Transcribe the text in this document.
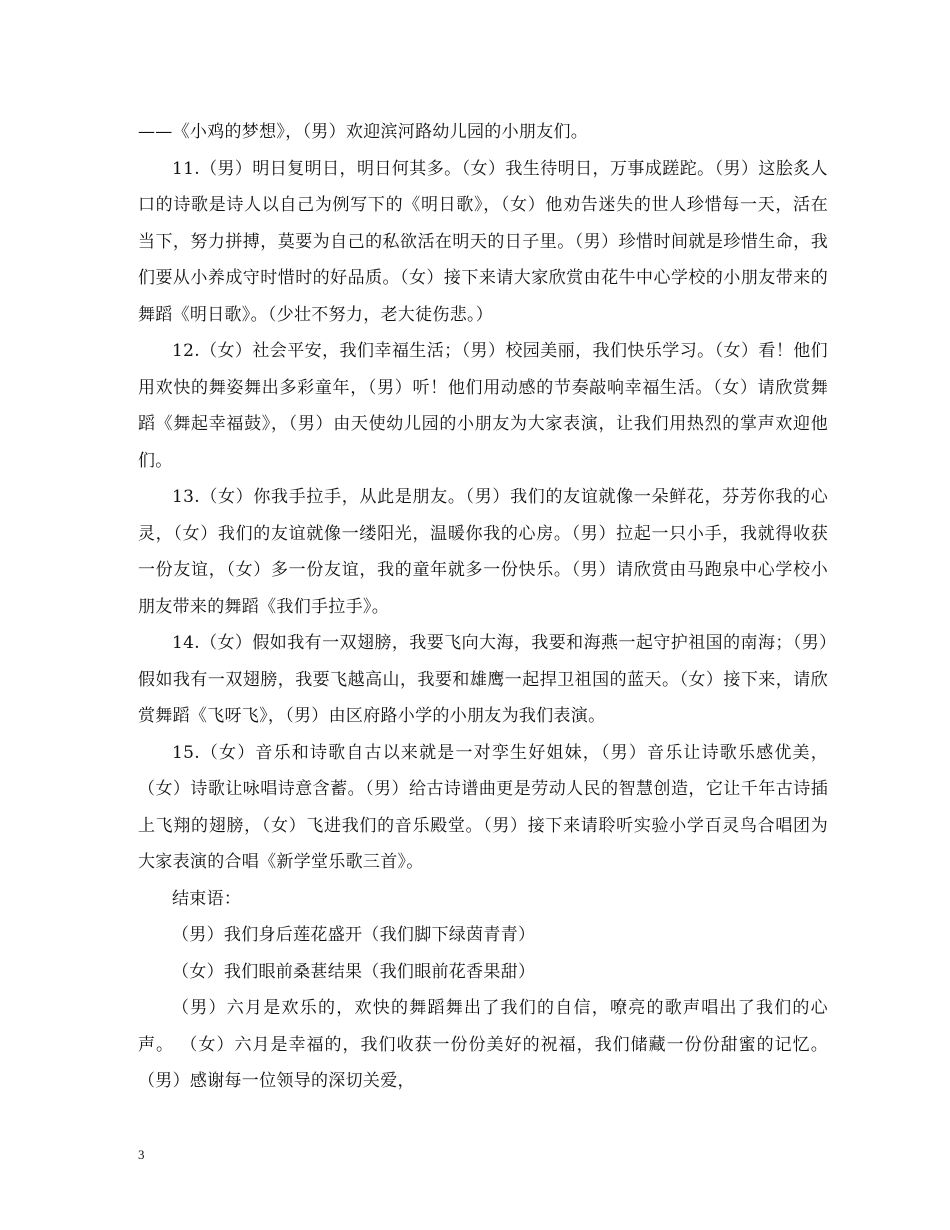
——《小鸡的梦想》，（男）欢迎滨河路幼儿园的小朋友们。

11.（男）明日复明日，明日何其多。（女）我生待明日，万事成蹉跎。（男）这脍炙人口的诗歌是诗人以自己为例写下的《明日歌》，（女）他劝告迷失的世人珍惜每一天，活在当下，努力拼搏，莫要为自己的私欲活在明天的日子里。（男）珍惜时间就是珍惜生命，我们要从小养成守时惜时的好品质。（女）接下来请大家欣赏由花牛中心学校的小朋友带来的舞蹈《明日歌》。（少壮不努力，老大徒伤悲。）

12.（女）社会平安，我们幸福生活；（男）校园美丽，我们快乐学习。（女）看！他们用欢快的舞姿舞出多彩童年，（男）听！他们用动感的节奏敲响幸福生活。（女）请欣赏舞蹈《舞起幸福鼓》，（男）由天使幼儿园的小朋友为大家表演，让我们用热烈的掌声欢迎他们。

13.（女）你我手拉手，从此是朋友。（男）我们的友谊就像一朵鲜花，芬芳你我的心灵，（女）我们的友谊就像一缕阳光，温暖你我的心房。（男）拉起一只小手，我就得收获一份友谊，（女）多一份友谊，我的童年就多一份快乐。（男）请欣赏由马跑泉中心学校小朋友带来的舞蹈《我们手拉手》。

14.（女）假如我有一双翅膀，我要飞向大海，我要和海燕一起守护祖国的南海；（男）假如我有一双翅膀，我要飞越高山，我要和雄鹰一起捍卫祖国的蓝天。（女）接下来，请欣赏舞蹈《飞呀飞》，（男）由区府路小学的小朋友为我们表演。

15.（女）音乐和诗歌自古以来就是一对孪生好姐妹，（男）音乐让诗歌乐感优美，（女）诗歌让咏唱诗意含蓄。（男）给古诗谱曲更是劳动人民的智慧创造，它让千年古诗插上飞翔的翅膀，（女）飞进我们的音乐殿堂。（男）接下来请聆听实验小学百灵鸟合唱团为大家表演的合唱《新学堂乐歌三首》。

结束语：

（男）我们身后莲花盛开（我们脚下绿茵青青）

（女）我们眼前桑葚结果（我们眼前花香果甜）

（男）六月是欢乐的，欢快的舞蹈舞出了我们的自信，嘹亮的歌声唱出了我们的心声。 （女）六月是幸福的，我们收获一份份美好的祝福，我们储藏一份份甜蜜的记忆。 （男）感谢每一位领导的深切关爱，

3
